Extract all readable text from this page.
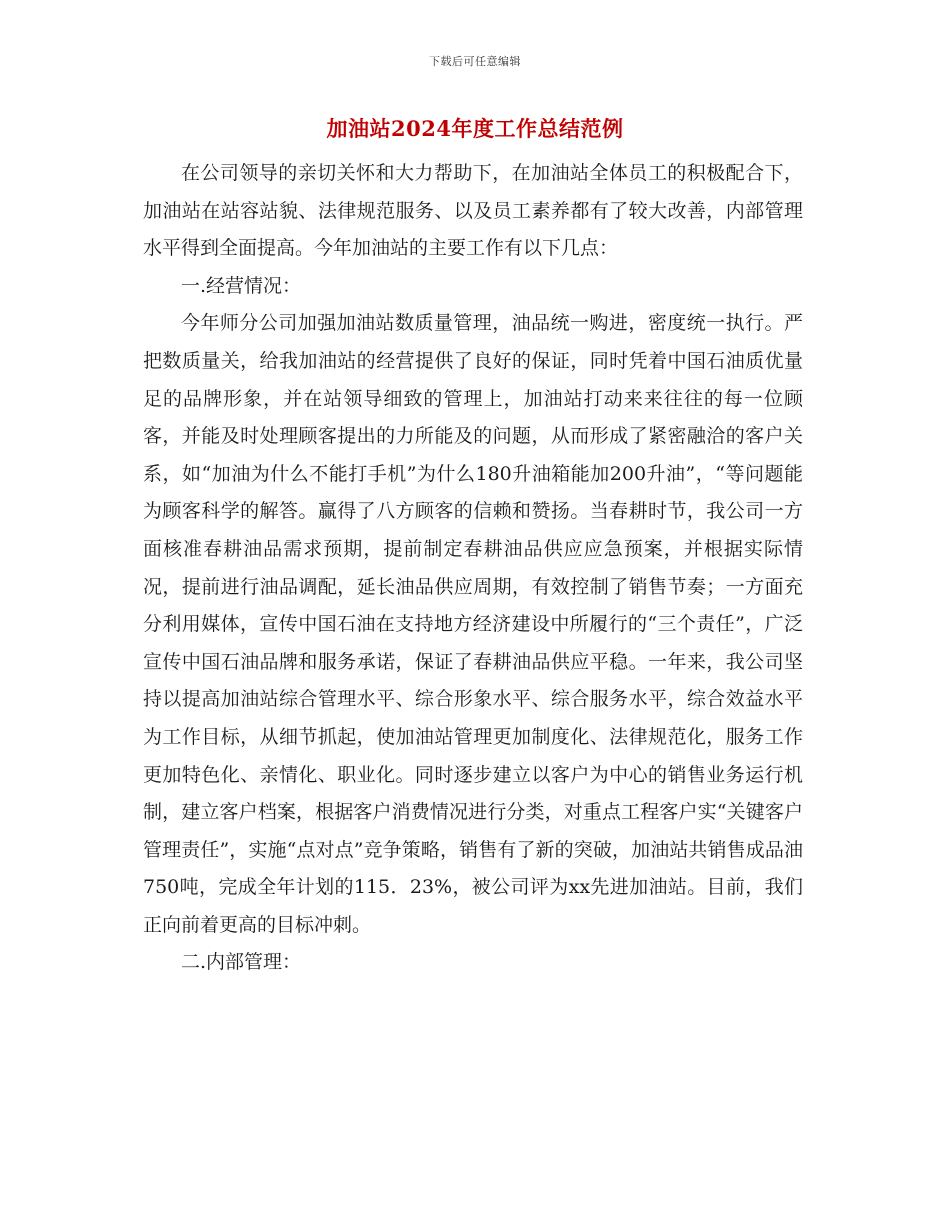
下载后可任意编辑
加油站2024年度工作总结范例

在公司领导的亲切关怀和大力帮助下，在加油站全体员工的积极配合下，加油站在站容站貌、法律规范服务、以及员工素养都有了较大改善，内部管理水平得到全面提高。今年加油站的主要工作有以下几点：

一.经营情况：

今年师分公司加强加油站数质量管理，油品统一购进，密度统一执行。严把数质量关，给我加油站的经营提供了良好的保证，同时凭着中国石油质优量足的品牌形象，并在站领导细致的管理上，加油站打动来来往往的每一位顾客，并能及时处理顾客提出的力所能及的问题，从而形成了紧密融洽的客户关系，如“加油为什么不能打手机”为什么180升油箱能加200升油”，“等问题能为顾客科学的解答。赢得了八方顾客的信赖和赞扬。当春耕时节，我公司一方面核准春耕油品需求预期，提前制定春耕油品供应应急预案，并根据实际情况，提前进行油品调配，延长油品供应周期，有效控制了销售节奏；一方面充分利用媒体，宣传中国石油在支持地方经济建设中所履行的“三个责任”，广泛宣传中国石油品牌和服务承诺，保证了春耕油品供应平稳。一年来，我公司坚持以提高加油站综合管理水平、综合形象水平、综合服务水平，综合效益水平为工作目标，从细节抓起，使加油站管理更加制度化、法律规范化，服务工作更加特色化、亲情化、职业化。同时逐步建立以客户为中心的销售业务运行机制，建立客户档案，根据客户消费情况进行分类，对重点工程客户实“关键客户管理责任”，实施“点对点”竞争策略，销售有了新的突破，加油站共销售成品油750吨，完成全年计划的115．23%，被公司评为xx先进加油站。目前，我们正向前着更高的目标冲刺。

二.内部管理：
